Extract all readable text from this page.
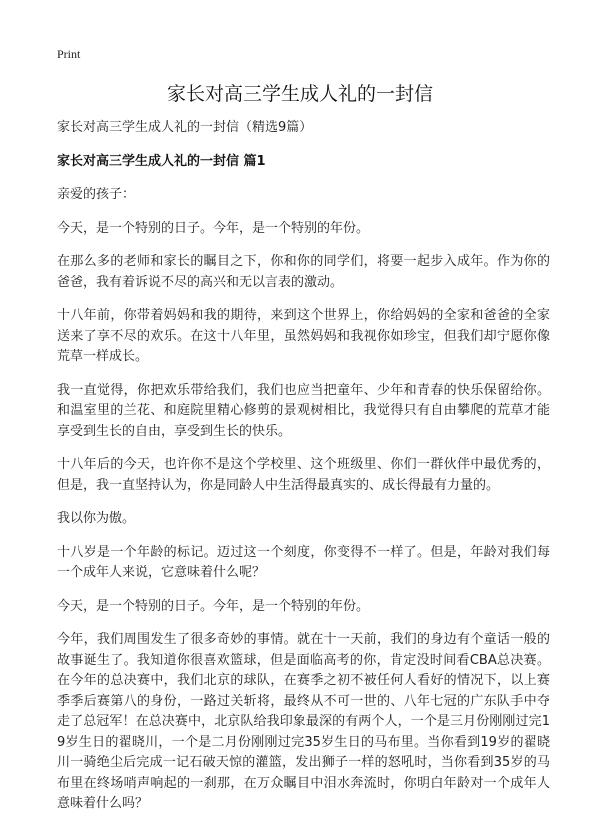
Print
家长对高三学生成人礼的一封信

家长对高三学生成人礼的一封信（精选9篇）

家长对高三学生成人礼的一封信 篇1

亲爱的孩子：

今天，是一个特别的日子。今年，是一个特别的年份。

在那么多的老师和家长的瞩目之下，你和你的同学们，将要一起步入成年。作为你的爸爸，我有着诉说不尽的高兴和无以言表的激动。

十八年前，你带着妈妈和我的期待，来到这个世界上，你给妈妈的全家和爸爸的全家送来了享不尽的欢乐。在这十八年里，虽然妈妈和我视你如珍宝，但我们却宁愿你像荒草一样成长。

我一直觉得，你把欢乐带给我们，我们也应当把童年、少年和青春的快乐保留给你。和温室里的兰花、和庭院里精心修剪的景观树相比，我觉得只有自由攀爬的荒草才能享受到生长的自由，享受到生长的快乐。

十八年后的今天，也许你不是这个学校里、这个班级里、你们一群伙伴中最优秀的，但是，我一直坚持认为，你是同龄人中生活得最真实的、成长得最有力量的。

我以你为傲。

十八岁是一个年龄的标记。迈过这一个刻度，你变得不一样了。但是，年龄对我们每一个成年人来说，它意味着什么呢？

今天，是一个特别的日子。今年，是一个特别的年份。

今年，我们周围发生了很多奇妙的事情。就在十一天前，我们的身边有个童话一般的故事诞生了。我知道你很喜欢篮球，但是面临高考的你，肯定没时间看CBA总决赛。在今年的总决赛中，我们北京的球队，在赛季之初不被任何人看好的情况下，以上赛季季后赛第八的身份，一路过关斩将，最终从不可一世的、八年七冠的广东队手中夺走了总冠军！在总决赛中，北京队给我印象最深的有两个人，一个是三月份刚刚过完19岁生日的翟晓川，一个是二月份刚刚过完35岁生日的马布里。当你看到19岁的翟晓川一骑绝尘后完成一记石破天惊的灌篮，发出狮子一样的怒吼时，当你看到35岁的马布里在终场哨声响起的一刹那，在万众瞩目中泪水奔流时，你明白年龄对一个成年人意味着什么吗？
